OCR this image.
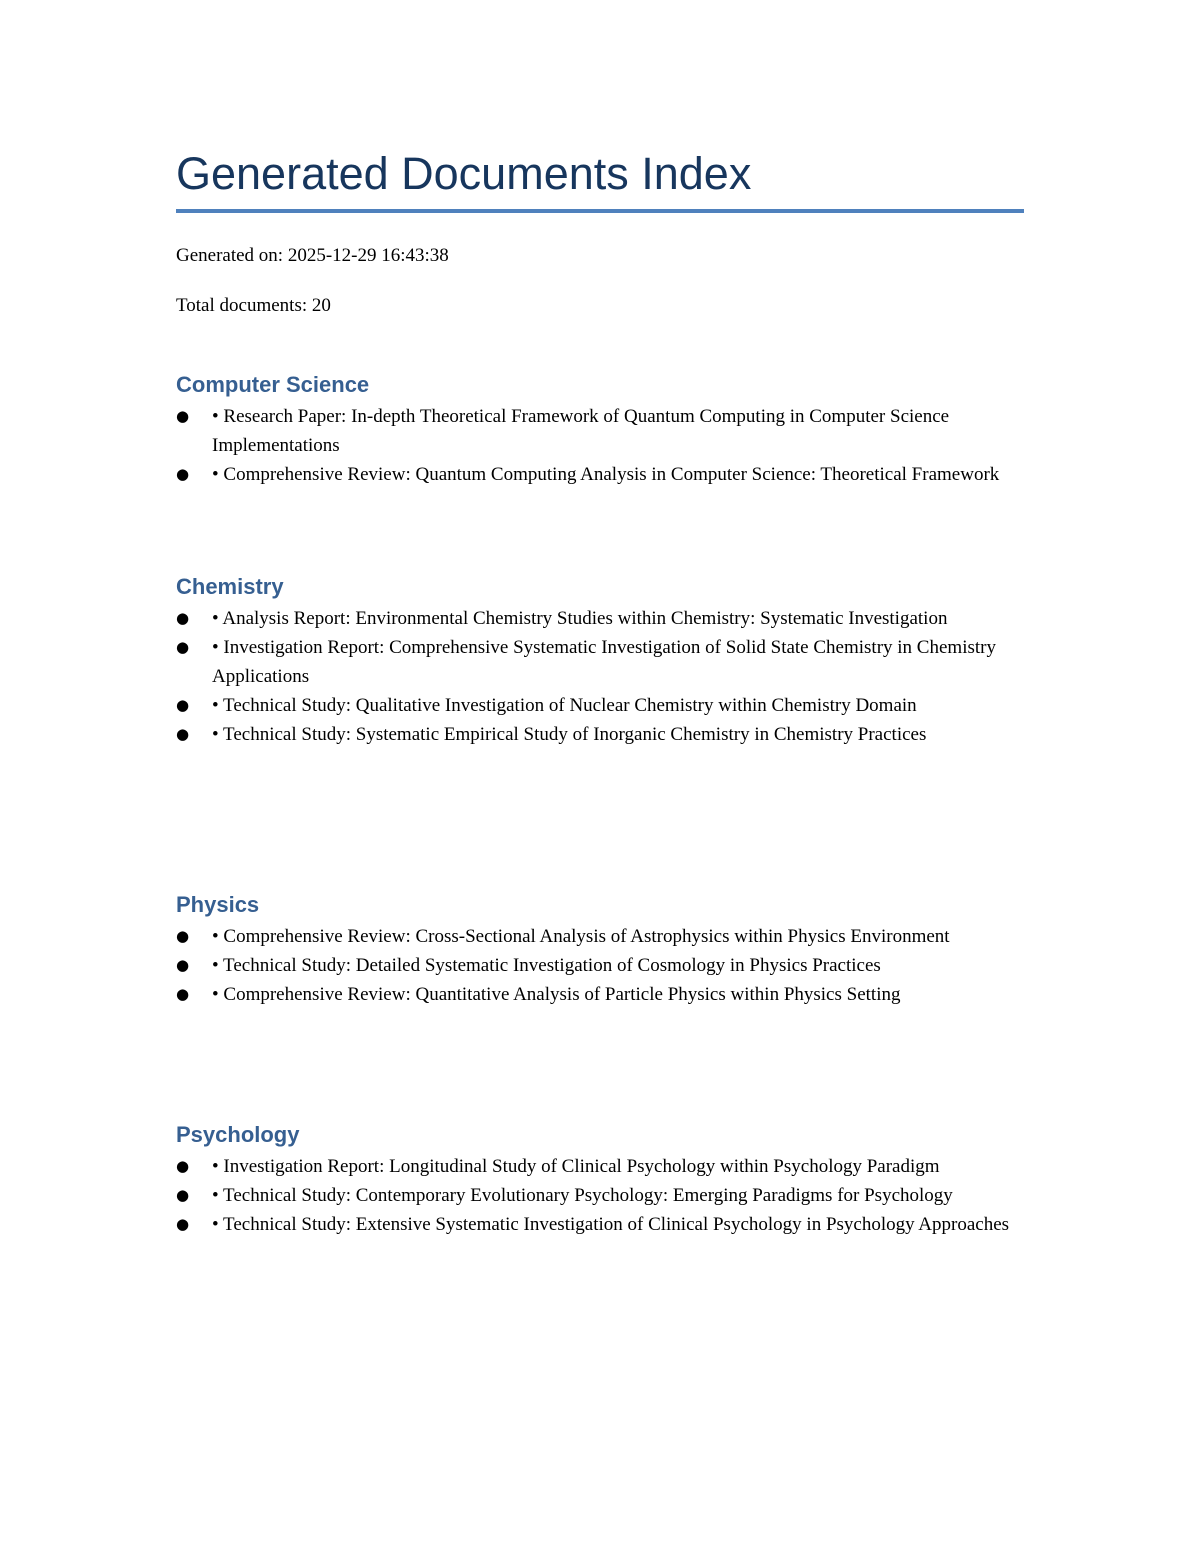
Generated Documents Index

Generated on: 2025-12-29 16:43:38

Total documents: 20

Computer Science
● • Research Paper: In-depth Theoretical Framework of Quantum Computing in Computer Science Implementations
● • Comprehensive Review: Quantum Computing Analysis in Computer Science: Theoretical Framework
Chemistry
● • Analysis Report: Environmental Chemistry Studies within Chemistry: Systematic Investigation
● • Investigation Report: Comprehensive Systematic Investigation of Solid State Chemistry in Chemistry Applications
● • Technical Study: Qualitative Investigation of Nuclear Chemistry within Chemistry Domain
● • Technical Study: Systematic Empirical Study of Inorganic Chemistry in Chemistry Practices
Physics
● • Comprehensive Review: Cross-Sectional Analysis of Astrophysics within Physics Environment
● • Technical Study: Detailed Systematic Investigation of Cosmology in Physics Practices
● • Comprehensive Review: Quantitative Analysis of Particle Physics within Physics Setting
Psychology
● • Investigation Report: Longitudinal Study of Clinical Psychology within Psychology Paradigm
● • Technical Study: Contemporary Evolutionary Psychology: Emerging Paradigms for Psychology
● • Technical Study: Extensive Systematic Investigation of Clinical Psychology in Psychology Approaches
